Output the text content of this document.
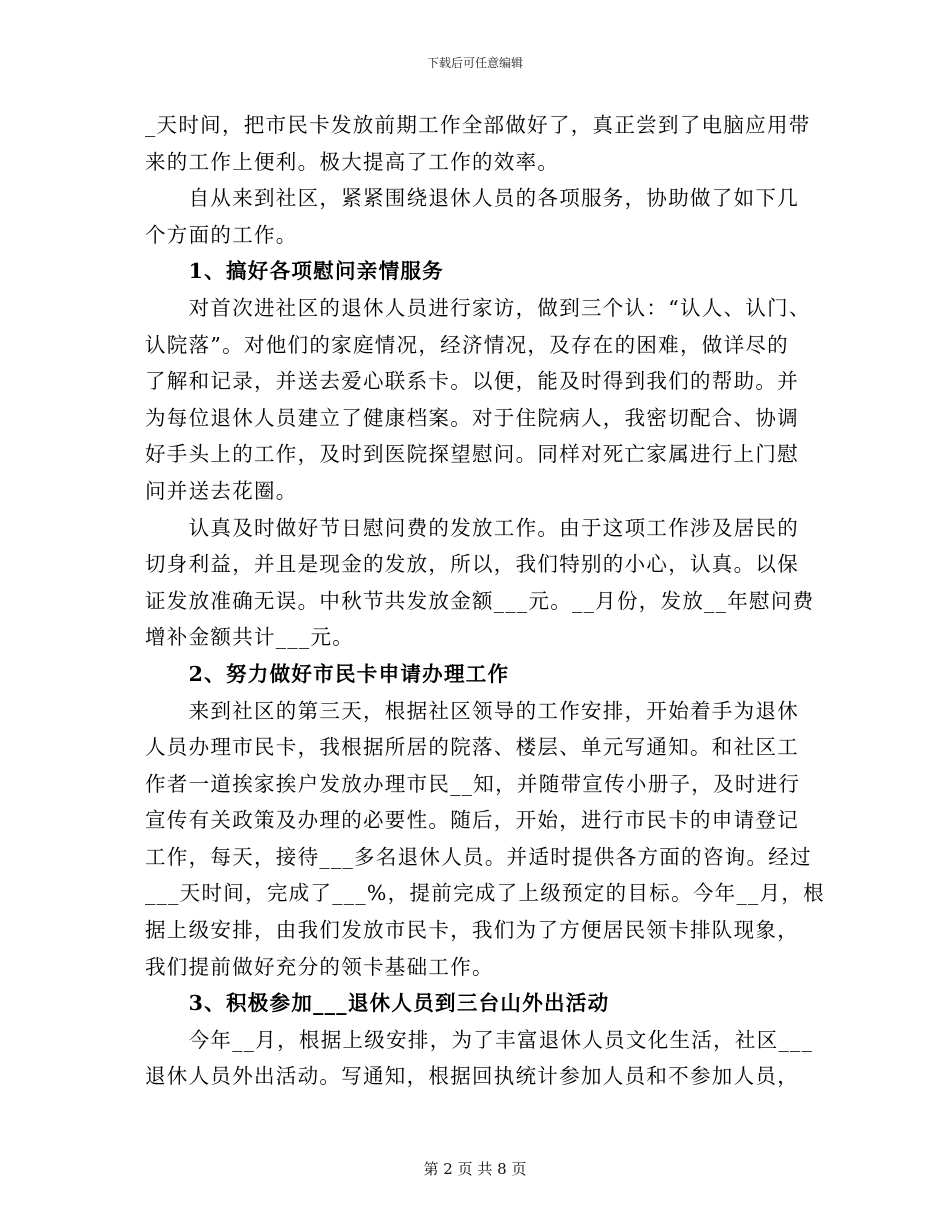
下载后可任意编辑
_天时间，把市民卡发放前期工作全部做好了，真正尝到了电脑应用带
来的工作上便利。极大提高了工作的效率。
　　自从来到社区，紧紧围绕退休人员的各项服务，协助做了如下几
个方面的工作。
　　1、搞好各项慰问亲情服务
　　对首次进社区的退休人员进行家访，做到三个认：“认人、认门、
认院落”。对他们的家庭情况，经济情况，及存在的困难，做详尽的
了解和记录，并送去爱心联系卡。以便，能及时得到我们的帮助。并
为每位退休人员建立了健康档案。对于住院病人，我密切配合、协调
好手头上的工作，及时到医院探望慰问。同样对死亡家属进行上门慰
问并送去花圈。
　　认真及时做好节日慰问费的发放工作。由于这项工作涉及居民的
切身利益，并且是现金的发放，所以，我们特别的小心，认真。以保
证发放准确无误。中秋节共发放金额___元。__月份，发放__年慰问费
增补金额共计___元。
　　2、努力做好市民卡申请办理工作
　　来到社区的第三天，根据社区领导的工作安排，开始着手为退休
人员办理市民卡，我根据所居的院落、楼层、单元写通知。和社区工
作者一道挨家挨户发放办理市民__知，并随带宣传小册子，及时进行
宣传有关政策及办理的必要性。随后，开始，进行市民卡的申请登记
工作，每天，接待___多名退休人员。并适时提供各方面的咨询。经过
___天时间，完成了___%，提前完成了上级预定的目标。今年__月，根
据上级安排，由我们发放市民卡，我们为了方便居民领卡排队现象，
我们提前做好充分的领卡基础工作。
　　3、积极参加___退休人员到三台山外出活动
　　今年__月，根据上级安排，为了丰富退休人员文化生活，社区___
退休人员外出活动。写通知，根据回执统计参加人员和不参加人员，
第 2 页 共 8 页
